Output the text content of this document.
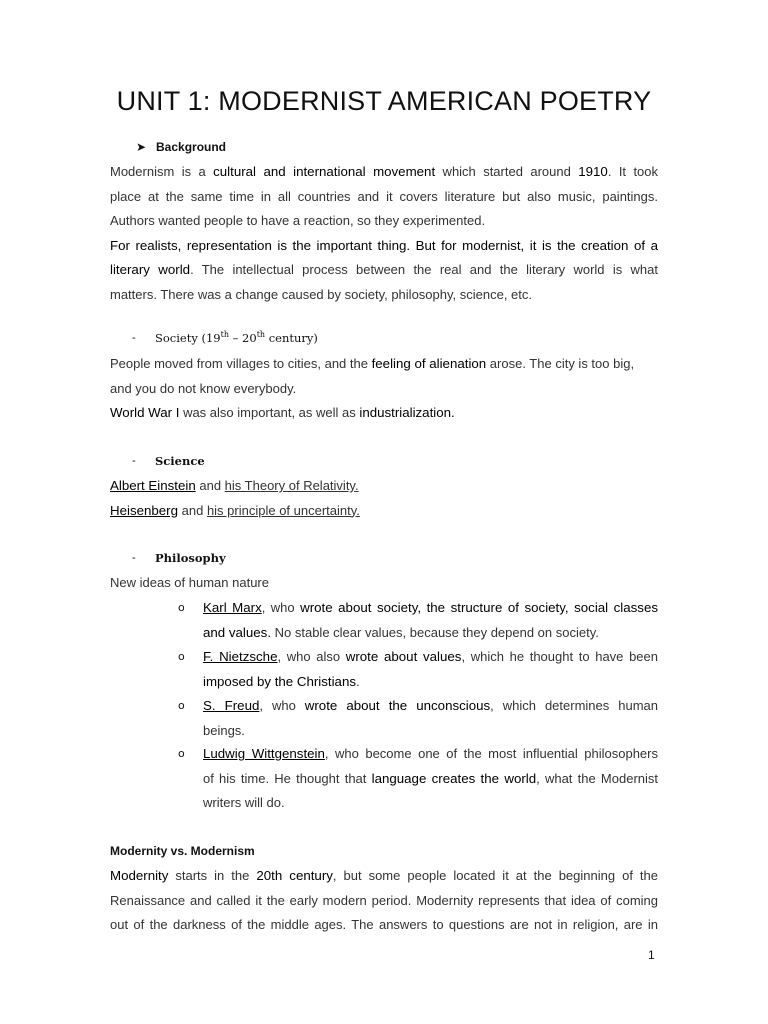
UNIT 1: MODERNIST AMERICAN POETRY
➤ Background
Modernism is a cultural and international movement which started around 1910. It took
place at the same time in all countries and it covers literature but also music, paintings.
Authors wanted people to have a reaction, so they experimented.
For realists, representation is the important thing. But for modernist, it is the creation of a
literary world. The intellectual process between the real and the literary world is what
matters. There was a change caused by society, philosophy, science, etc.
- Society (19th – 20th century)
People moved from villages to cities, and the feeling of alienation arose. The city is too big,
and you do not know everybody.
World War I was also important, as well as industrialization.
- Science
Albert Einstein and his Theory of Relativity.
Heisenberg and his principle of uncertainty.
- Philosophy
New ideas of human nature
o Karl Marx, who wrote about society, the structure of society, social classes
and values. No stable clear values, because they depend on society.
o F. Nietzsche, who also wrote about values, which he thought to have been
imposed by the Christians.
o S. Freud, who wrote about the unconscious, which determines human
beings.
o Ludwig Wittgenstein, who become one of the most influential philosophers
of his time. He thought that language creates the world, what the Modernist
writers will do.
Modernity vs. Modernism
Modernity starts in the 20th century, but some people located it at the beginning of the
Renaissance and called it the early modern period. Modernity represents that idea of coming
out of the darkness of the middle ages. The answers to questions are not in religion, are in
1
